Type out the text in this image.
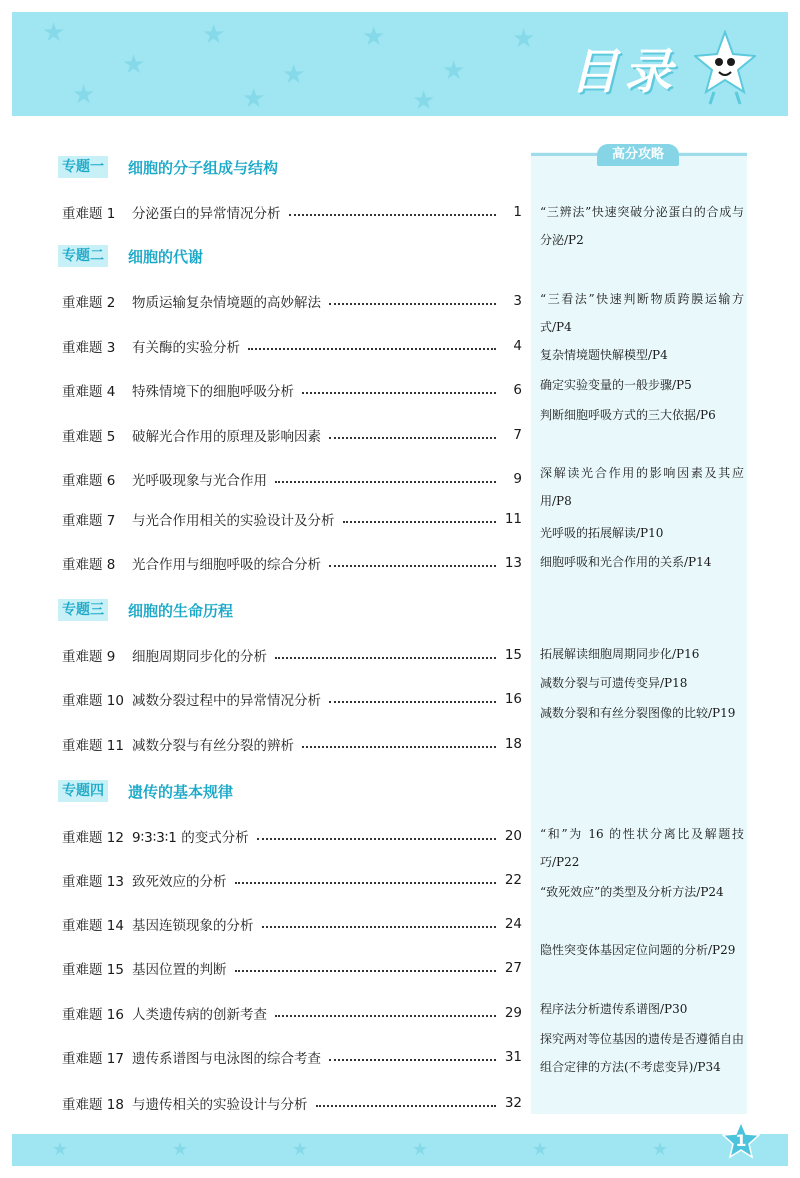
★
★
★
★
★
★
★	★	★
★
目录
专题一 细胞的分子组成与结构
专题二 细胞的代谢
专题三 细胞的生命历程
专题四 遗传的基本规律
重难题 1	分泌蛋白的异常情况分析	1
重难题 2	物质运输复杂情境题的高妙解法	3
重难题 3	有关酶的实验分析	4
重难题 4	特殊情境下的细胞呼吸分析	6
重难题 5	破解光合作用的原理及影响因素	7
重难题 6	光呼吸现象与光合作用	9
重难题 7	与光合作用相关的实验设计及分析	11
重难题 8	光合作用与细胞呼吸的综合分析	13
重难题 9	细胞周期同步化的分析	15
重难题 10 减数分裂过程中的异常情况分析	16
重难题 11 减数分裂与有丝分裂的辨析	18
重难题 12 9∶3∶3∶1 的变式分析	20
重难题 13 致死效应的分析	22
重难题 14 基因连锁现象的分析	24
重难题 15 基因位置的判断	27
重难题 16 人类遗传病的创新考查	29
重难题 17 遗传系谱图与电泳图的综合考查	31
重难题 18 与遗传相关的实验设计与分析	32
高分攻略
“三辨法”快速突破分泌蛋白的合成与分泌/P2
“三看法”快速判断物质跨膜运输方式/P4
复杂情境题快解模型/P4
确定实验变量的一般步骤/P5
判断细胞呼吸方式的三大依据/P6
深解读光合作用的影响因素及其应用/P8
光呼吸的拓展解读/P10
细胞呼吸和光合作用的关系/P14
拓展解读细胞周期同步化/P16
减数分裂与可遗传变异/P18
减数分裂和有丝分裂图像的比较/P19
“和”为 16 的性状分离比及解题技巧/P22
“致死效应”的类型及分析方法/P24
隐性突变体基因定位问题的分析/P29
程序法分析遗传系谱图/P30
探究两对等位基因的遗传是否遵循自由组合定律的方法(不考虑变异)/P34
★	★	★	★	★	★	1
